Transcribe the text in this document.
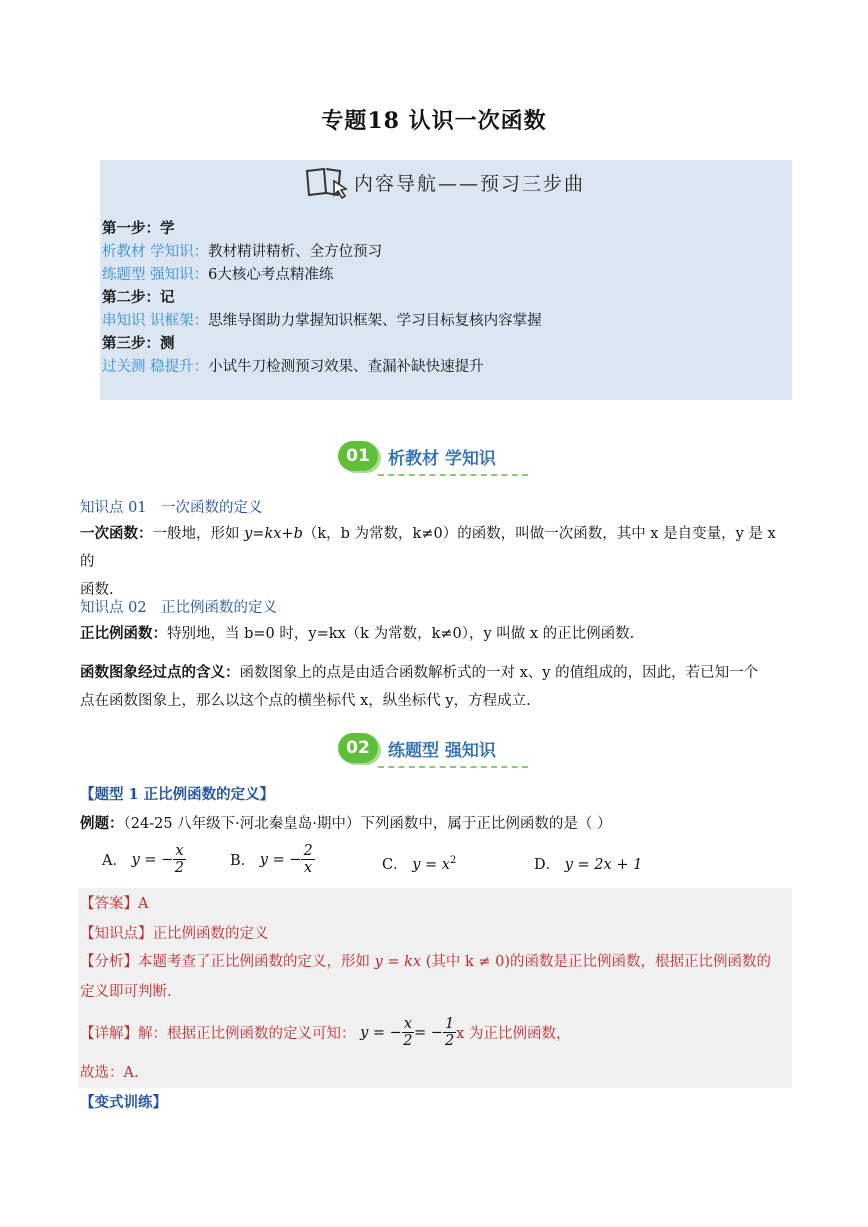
专题18 认识一次函数
内容导航——预习三步曲
第一步：学
析教材 学知识：教材精讲精析、全方位预习
练题型 强知识：6大核心考点精准练
第二步：记
串知识 识框架：思维导图助力掌握知识框架、学习目标复核内容掌握
第三步：测
过关测 稳提升：小试牛刀检测预习效果、查漏补缺快速提升
01	析教材 学知识
知识点 01　一次函数的定义
一次函数：一般地，形如 y=kx+b（k，b 为常数，k≠0）的函数，叫做一次函数，其中 x 是自变量，y 是 x 的
函数.
知识点 02　正比例函数的定义
正比例函数：特别地，当 b=0 时，y=kx（k 为常数，k≠0），y 叫做 x 的正比例函数.
函数图象经过点的含义：函数图象上的点是由适合函数解析式的一对 x、y 的值组成的，因此，若已知一个
点在函数图象上，那么以这个点的横坐标代 x，纵坐标代 y，方程成立.
02	练题型 强知识
【题型 1 正比例函数的定义】
例题：（24-25 八年级下·河北秦皇岛·期中）下列函数中，属于正比例函数的是（ ）
A．
y = − $\frac{x}{2}$	B．
y = − $\frac{2}{x}$	C． $y = x^2$	D． y = 2x + 1
【答案】A
【知识点】正比例函数的定义
【分析】本题考查了正比例函数的定义，形如 y = kx (其中 k ≠ 0)的函数是正比例函数，根据正比例函数的
定义即可判断.
【详解】 解：根据正比例函数的定义可知：
y = − $\frac{x}{2}$ = − $\frac{1}{2}$ x 为正比例函数，
故选：A.
【变式训练】
